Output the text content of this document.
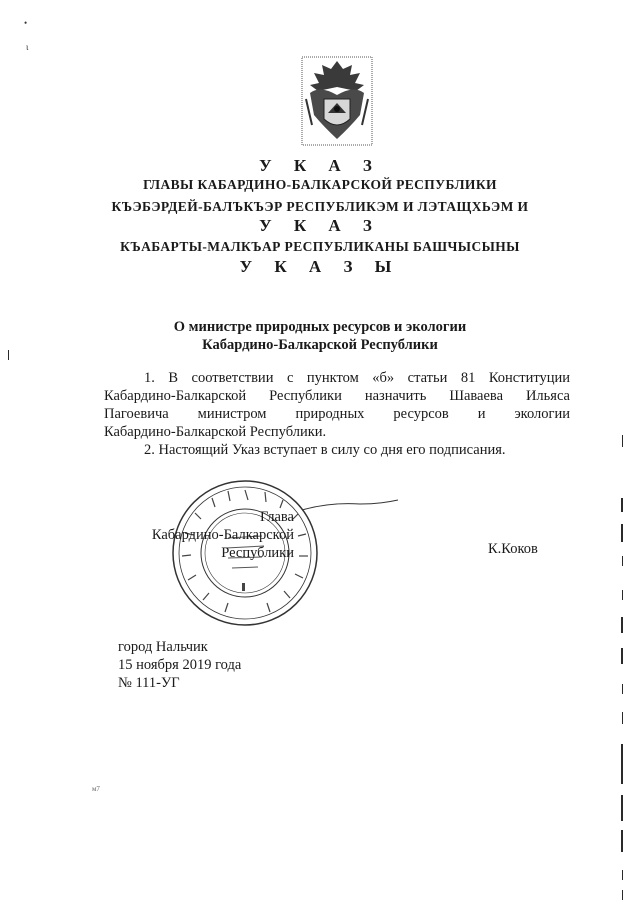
•
ɩ
У К А З
ГЛАВЫ КАБАРДИНО-БАЛКАРСКОЙ РЕСПУБЛИКИ
КЪЭБЭРДЕЙ-БАЛЪКЪЭР РЕСПУБЛИКЭМ И ЛЭТАЩХЬЭМ И
У К А З
КЪАБАРТЫ-МАЛКЪАР РЕСПУБЛИКАНЫ БАШЧЫСЫНЫ
У К А З Ы
О министре природных ресурсов и экологии
Кабардино-Балкарской Республики
1. В соответствии с пунктом «б» статьи 81 Конституции
Кабардино-Балкарской Республики назначить Шаваева Ильяса
Пагоевича министром природных ресурсов и экологии
Кабардино-Балкарской Республики.
2. Настоящий Указ вступает в силу со дня его подписания.
Глава
Кабардино-Балкарской
Республики	К.Коков
город Нальчик
15 ноября 2019 года
№ 111-УГ
м7
